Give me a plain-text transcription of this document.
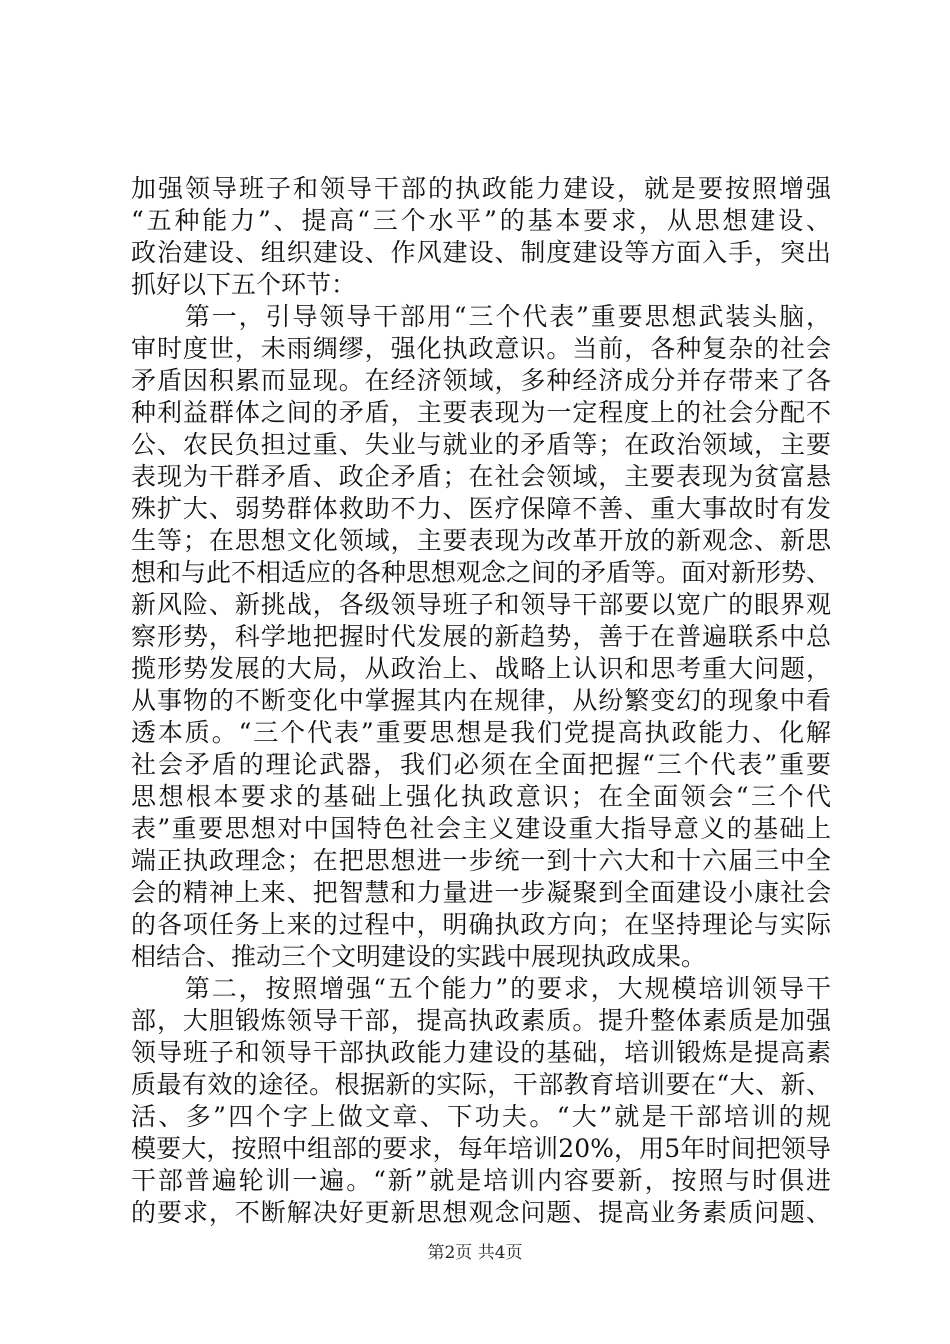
加强领导班子和领导干部的执政能力建设，就是要按照增强
“五种能力”、提高“三个水平”的基本要求，从思想建设、
政治建设、组织建设、作风建设、制度建设等方面入手，突出
抓好以下五个环节：
　　第一，引导领导干部用“三个代表”重要思想武装头脑，
审时度世，未雨绸缪，强化执政意识。当前，各种复杂的社会
矛盾因积累而显现。在经济领域，多种经济成分并存带来了各
种利益群体之间的矛盾，主要表现为一定程度上的社会分配不
公、农民负担过重、失业与就业的矛盾等；在政治领域，主要
表现为干群矛盾、政企矛盾；在社会领域，主要表现为贫富悬
殊扩大、弱势群体救助不力、医疗保障不善、重大事故时有发
生等；在思想文化领域，主要表现为改革开放的新观念、新思
想和与此不相适应的各种思想观念之间的矛盾等。面对新形势、
新风险、新挑战，各级领导班子和领导干部要以宽广的眼界观
察形势，科学地把握时代发展的新趋势，善于在普遍联系中总
揽形势发展的大局，从政治上、战略上认识和思考重大问题，
从事物的不断变化中掌握其内在规律，从纷繁变幻的现象中看
透本质。“三个代表”重要思想是我们党提高执政能力、化解
社会矛盾的理论武器，我们必须在全面把握“三个代表”重要
思想根本要求的基础上强化执政意识；在全面领会“三个代
表”重要思想对中国特色社会主义建设重大指导意义的基础上
端正执政理念；在把思想进一步统一到十六大和十六届三中全
会的精神上来、把智慧和力量进一步凝聚到全面建设小康社会
的各项任务上来的过程中，明确执政方向；在坚持理论与实际
相结合、推动三个文明建设的实践中展现执政成果。
　　第二，按照增强“五个能力”的要求，大规模培训领导干
部，大胆锻炼领导干部，提高执政素质。提升整体素质是加强
领导班子和领导干部执政能力建设的基础，培训锻炼是提高素
质最有效的途径。根据新的实际，干部教育培训要在“大、新、
活、多”四个字上做文章、下功夫。“大”就是干部培训的规
模要大，按照中组部的要求，每年培训20%，用5年时间把领导
干部普遍轮训一遍。“新”就是培训内容要新，按照与时俱进
的要求，不断解决好更新思想观念问题、提高业务素质问题、
第2页 共4页
